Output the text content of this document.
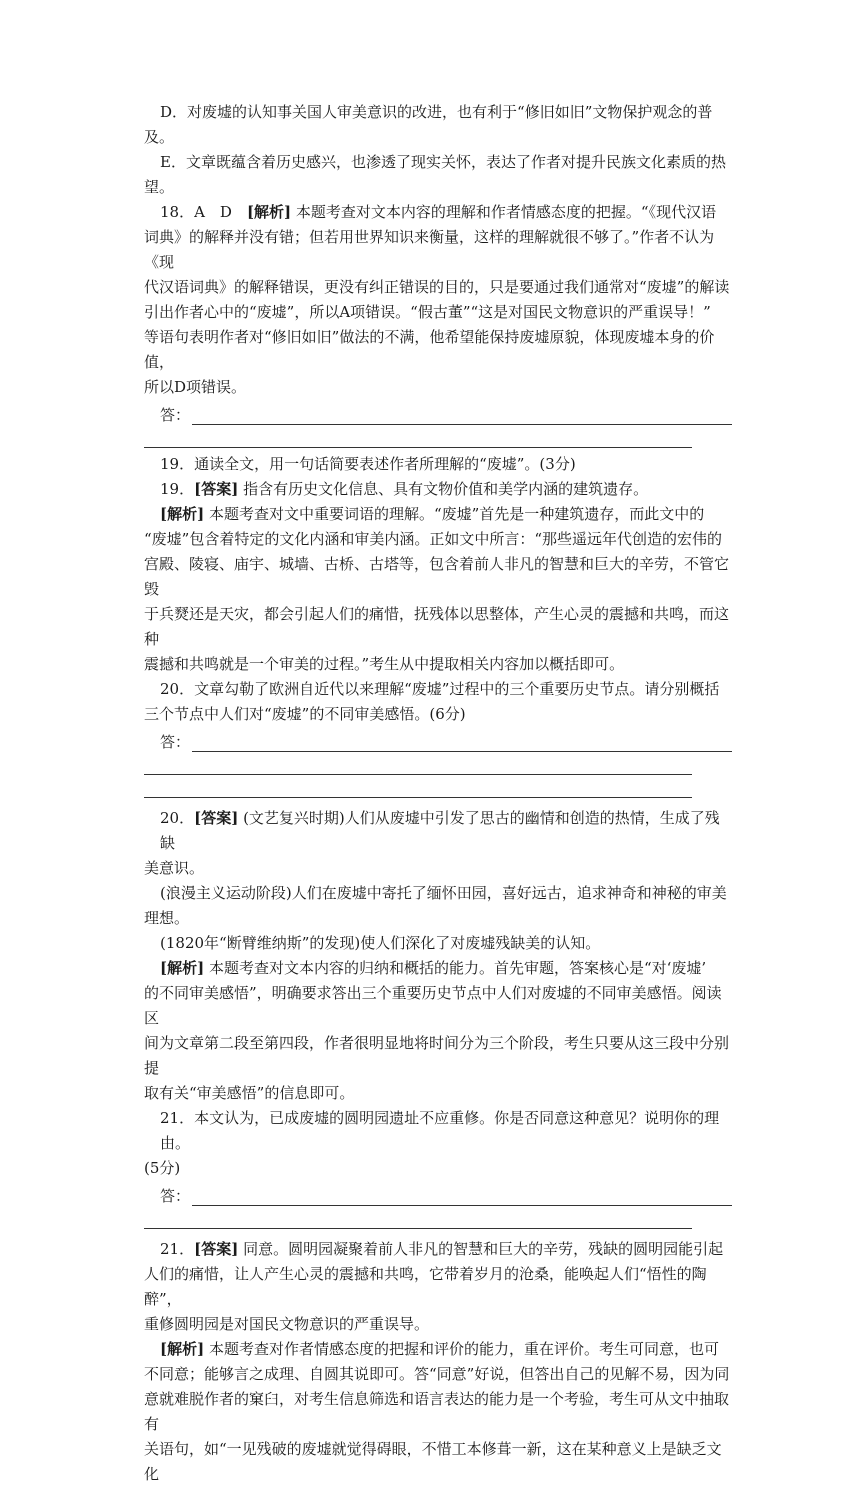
D．对废墟的认知事关国人审美意识的改进，也有利于“修旧如旧”文物保护观念的普

及。

E．文章既蕴含着历史感兴，也渗透了现实关怀，表达了作者对提升民族文化素质的热

望。

18．A　D　[解析] 本题考查对文本内容的理解和作者情感态度的把握。“《现代汉语

词典》的解释并没有错；但若用世界知识来衡量，这样的理解就很不够了。”作者不认为《现

代汉语词典》的解释错误，更没有纠正错误的目的，只是要通过我们通常对“废墟”的解读

引出作者心中的“废墟”，所以A项错误。“假古董”“这是对国民文物意识的严重误导！”

等语句表明作者对“修旧如旧”做法的不满，他希望能保持废墟原貌，体现废墟本身的价值，

所以D项错误。

答：

19．通读全文，用一句话简要表述作者所理解的“废墟”。(3分)

19．[答案] 指含有历史文化信息、具有文物价值和美学内涵的建筑遗存。

[解析] 本题考查对文中重要词语的理解。“废墟”首先是一种建筑遗存，而此文中的

“废墟”包含着特定的文化内涵和审美内涵。正如文中所言：“那些遥远年代创造的宏伟的

宫殿、陵寝、庙宇、城墙、古桥、古塔等，包含着前人非凡的智慧和巨大的辛劳，不管它毁

于兵燹还是天灾，都会引起人们的痛惜，抚残体以思整体，产生心灵的震撼和共鸣，而这种

震撼和共鸣就是一个审美的过程。”考生从中提取相关内容加以概括即可。

20．文章勾勒了欧洲自近代以来理解“废墟”过程中的三个重要历史节点。请分别概括

三个节点中人们对“废墟”的不同审美感悟。(6分)

答：

20．[答案] (文艺复兴时期)人们从废墟中引发了思古的幽情和创造的热情，生成了残缺

美意识。

(浪漫主义运动阶段)人们在废墟中寄托了缅怀田园，喜好远古，追求神奇和神秘的审美

理想。

(1820年“断臂维纳斯”的发现)使人们深化了对废墟残缺美的认知。

[解析] 本题考查对文本内容的归纳和概括的能力。首先审题，答案核心是“对‘废墟’

的不同审美感悟”，明确要求答出三个重要历史节点中人们对废墟的不同审美感悟。阅读区

间为文章第二段至第四段，作者很明显地将时间分为三个阶段，考生只要从这三段中分别提

取有关“审美感悟”的信息即可。

21．本文认为，已成废墟的圆明园遗址不应重修。你是否同意这种意见？说明你的理由。

(5分)

答：

21．[答案] 同意。圆明园凝聚着前人非凡的智慧和巨大的辛劳，残缺的圆明园能引起

人们的痛惜，让人产生心灵的震撼和共鸣，它带着岁月的沧桑，能唤起人们“悟性的陶醉”，

重修圆明园是对国民文物意识的严重误导。

[解析] 本题考查对作者情感态度的把握和评价的能力，重在评价。考生可同意，也可

不同意；能够言之成理、自圆其说即可。答“同意”好说，但答出自己的见解不易，因为同

意就难脱作者的窠臼，对考生信息筛选和语言表达的能力是一个考验，考生可从文中抽取有

关语句，如“一见残破的废墟就觉得碍眼，不惜工本修葺一新，这在某种意义上是缺乏文化
